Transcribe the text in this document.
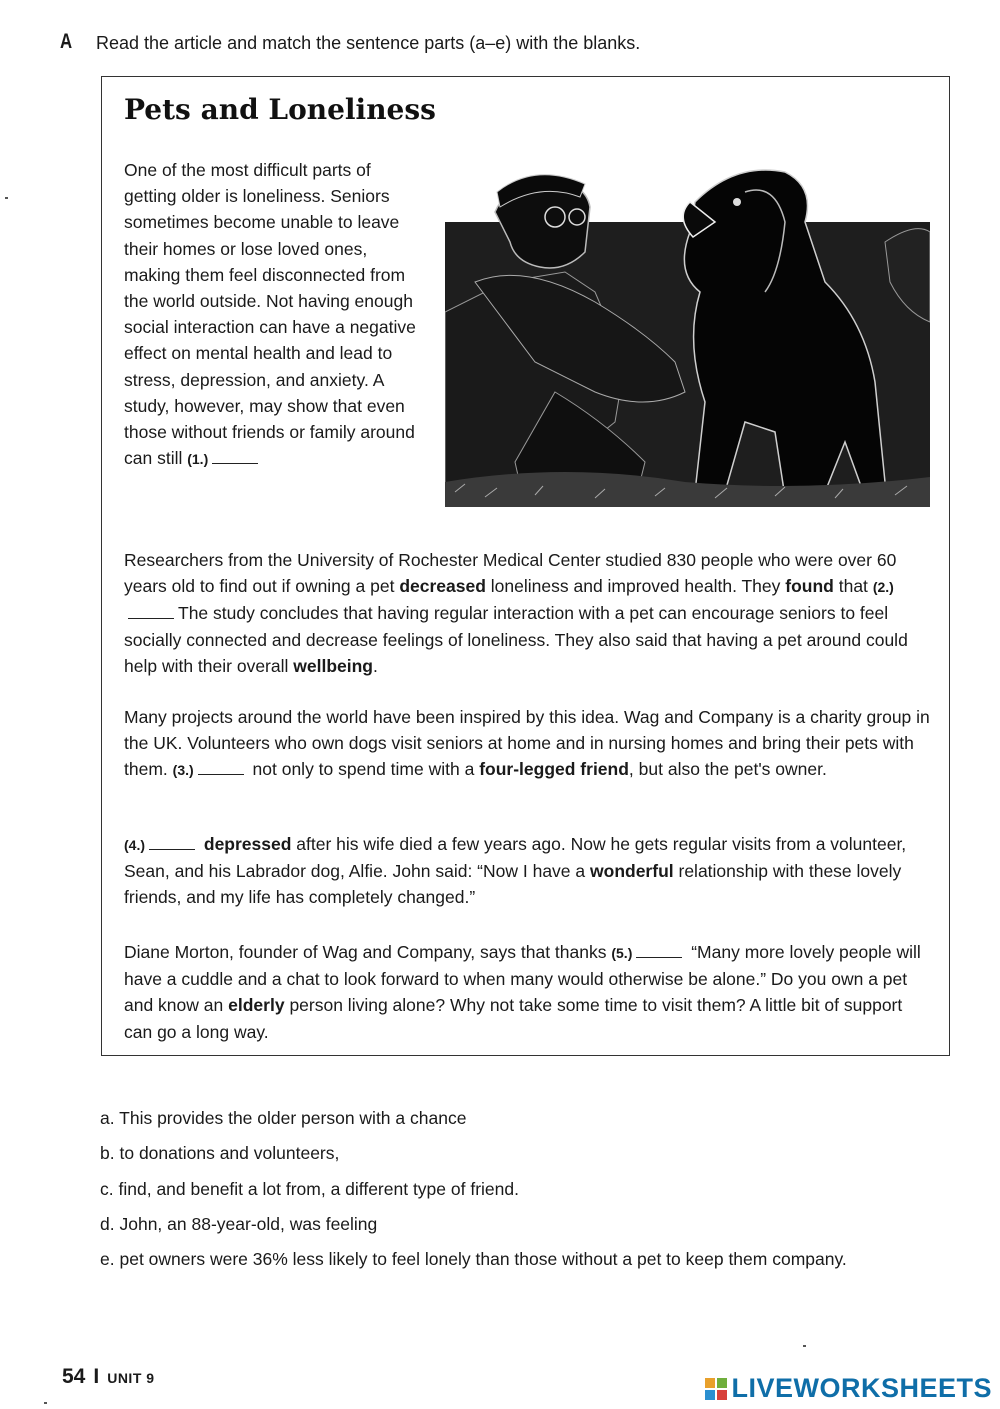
A Read the article and match the sentence parts (a–e) with the blanks.
Pets and Loneliness
One of the most difficult parts of getting older is loneliness. Seniors sometimes become unable to leave their homes or lose loved ones, making them feel disconnected from the world outside. Not having enough social interaction can have a negative effect on mental health and lead to stress, depression, and anxiety. A study, however, may show that even those without friends or family around can still (1.)
Researchers from the University of Rochester Medical Center studied 830 people who were over 60 years old to find out if owning a pet decreased loneliness and improved health. They found that (2.)The study concludes that having regular interaction with a pet can encourage seniors to feel socially connected and decrease feelings of loneliness. They also said that having a pet around could help with their overall wellbeing.
Many projects around the world have been inspired by this idea. Wag and Company is a charity group in the UK. Volunteers who own dogs visit seniors at home and in nursing homes and bring their pets with them. (3.)	not only to spend time with a four-legged friend, but also the pet's owner.
(4.)	depressed after his wife died a few years ago. Now he gets regular visits from a volunteer, Sean, and his Labrador dog, Alfie. John said: “Now I have a wonderful relationship with these lovely friends, and my life has completely changed.”
Diane Morton, founder of Wag and Company, says that thanks (5.)	“Many more lovely people will have a cuddle and a chat to look forward to when many would otherwise be alone.” Do you own a pet and know an elderly person living alone? Why not take some time to visit them? A little bit of support can go a long way.
a. This provides the older person with a chance
b. to donations and volunteers,
c. find, and benefit a lot from, a different type of friend.
d. John, an 88-year-old, was feeling
e. pet owners were 36% less likely to feel lonely than those without a pet to keep them company.
54 I UNIT 9	LIVEWORKSHEETS
